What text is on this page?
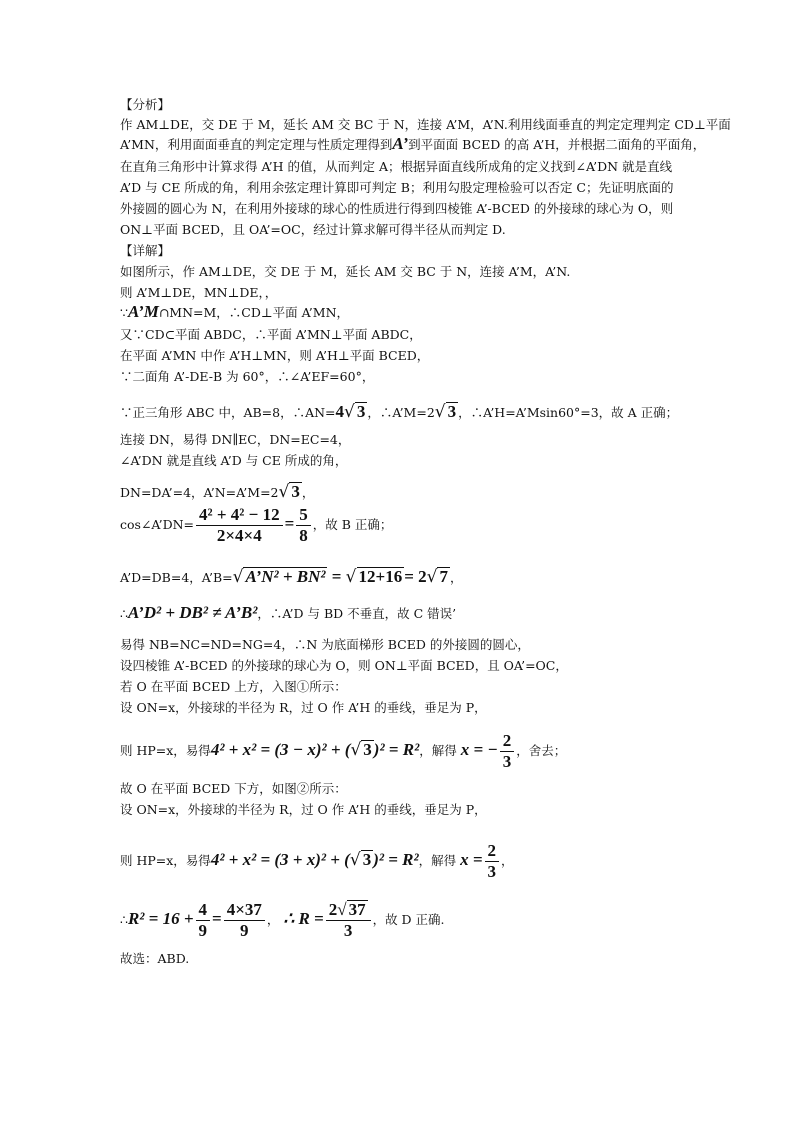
【分析】
作 AM⊥DE，交 DE 于 M，延长 AM 交 BC 于 N，连接 A’M，A’N.利用线面垂直的判定定理判定 CD⊥平面
A’MN，利用面面垂直的判定定理与性质定理得到A’到平面面 BCED 的高 A’H，并根据二面角的平面角，
在直角三角形中计算求得 A’H 的值，从而判定 A；根据异面直线所成角的定义找到∠A’DN 就是直线
A’D 与 CE 所成的角，利用余弦定理计算即可判定 B；利用勾股定理检验可以否定 C；先证明底面的
外接圆的圆心为 N，在利用外接球的球心的性质进行得到四棱锥 A’-BCED 的外接球的球心为 O，则
ON⊥平面 BCED，且 OA’=OC，经过计算求解可得半径从而判定 D.
【详解】
如图所示，作 AM⊥DE，交 DE 于 M，延长 AM 交 BC 于 N，连接 A’M，A’N.
则 A’M⊥DE，MN⊥DE，，
∵A’M∩MN=M，∴CD⊥平面 A’MN，
又∵CD⊂平面 ABDC，∴平面 A’MN⊥平面 ABDC，
在平面 A’MN 中作 A’H⊥MN，则 A’H⊥平面 BCED，
∵二面角 A’-DE-B 为 60°，∴∠A’EF=60°，
∵正三角形 ABC 中，AB=8，∴AN=4√ 3 ，∴A’M=2√ 3 ，∴A’H=A’Msin60°=3，故 A 正确；
连接 DN，易得 DN∥EC，DN=EC=4，
∠A’DN 就是直线 A’D 与 CE 所成的角，
DN=DA’=4，A’N=A’M=2√ 3 ，
cos∠A’DN= $\frac{\text{4² + 4² − 12}}{2\times 4\times 4} = \frac{5}{8}$ ，故 B 正确；
A’D=DB=4，A’B=√ A’N² + BN² = √ 12+16 = 2√ 7 ，
∴A’D² + DB² ≠ A’B²，∴A’D 与 BD 不垂直，故 C 错误’
易得 NB=NC=ND=NG=4，∴N 为底面梯形 BCED 的外接圆的圆心，
设四棱锥 A’-BCED 的外接球的球心为 O，则 ON⊥平面 BCED，且 OA’=OC，
若 O 在平面 BCED 上方，入图①所示：
设 ON=x，外接球的半径为 R，过 O 作 A’H 的垂线，垂足为 P，
则 HP=x，易得4² + x² = (3 − x)² + (√ 3 )² = R²，解得 x = − $\frac{2}{3}$ ，舍去；
故 O 在平面 BCED 下方，如图②所示：
设 ON=x，外接球的半径为 R，过 O 作 A’H 的垂线，垂足为 P，
则 HP=x，易得4² + x² = (3 + x)² + (√ 3 )² = R²，解得 $x = \frac{2}{3}$ ，
∴R² = $16 + \frac{4}{9} = \frac{4\times 37}{9}$ ， ∴ $R = \frac{2√ 37}{3}$ ，故 D 正确.
故选：ABD.
